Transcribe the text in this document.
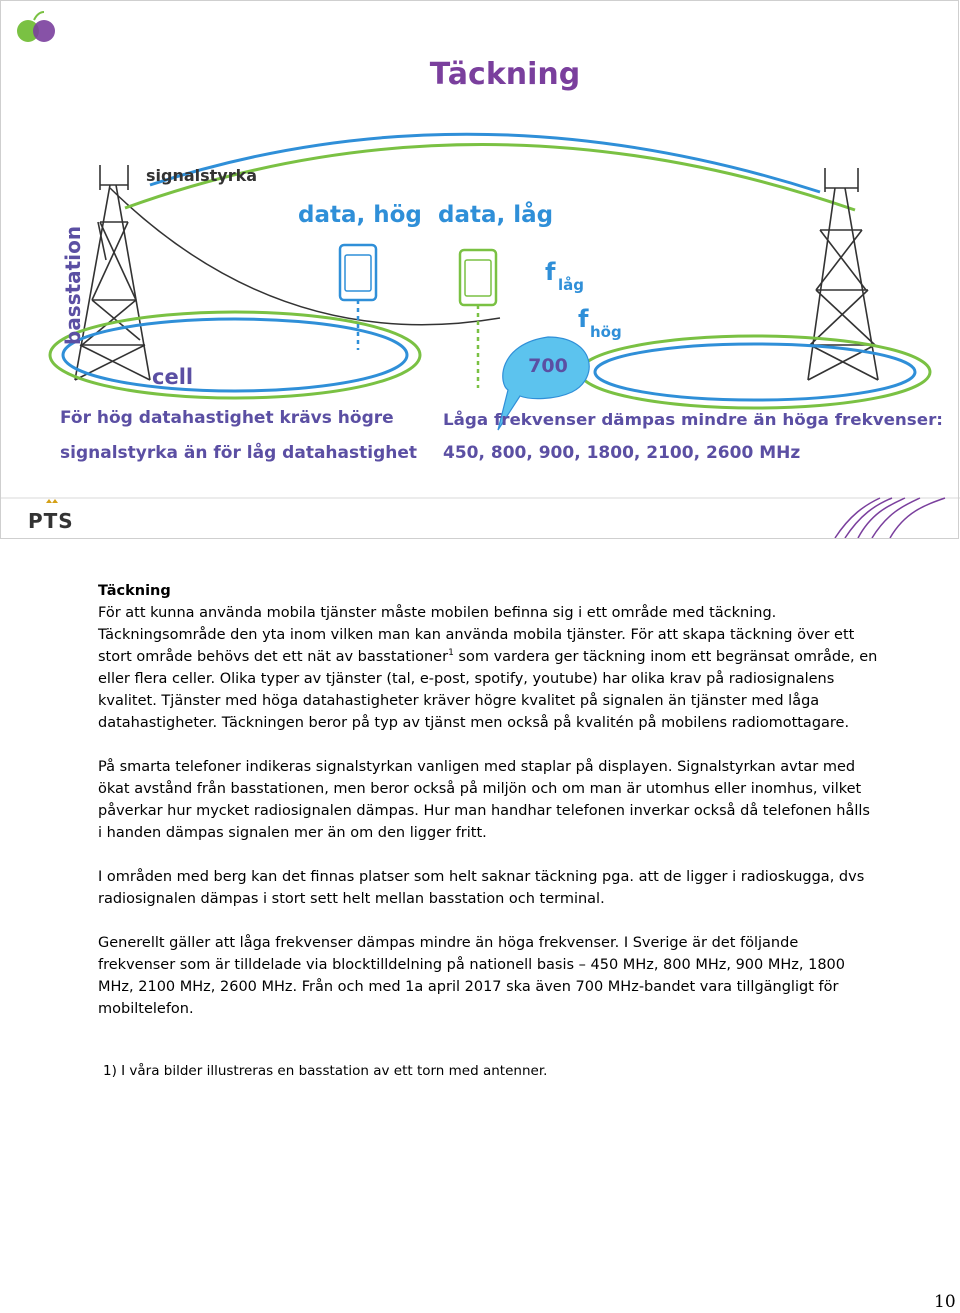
Täckning
signalstyrka
basstation
cell
data, hög data, låg
f låg
f hög
700
För hög datahastighet krävs högre
signalstyrka än för låg datahastighet
Låga frekvenser dämpas mindre än höga frekvenser:
450, 800, 900, 1800, 2100, 2600 MHz
PTS

Täckning

För att kunna använda mobila tjänster måste mobilen befinna sig i ett område med täckning. Täckningsområde den yta inom vilken man kan använda mobila tjänster. För att skapa täckning över ett stort område behövs det ett nät av basstationer$^1$ som vardera ger täckning inom ett begränsat område, en eller flera celler. Olika typer av tjänster (tal, e-post, spotify, youtube) har olika krav på radiosignalens kvalitet. Tjänster med höga datahastigheter kräver högre kvalitet på signalen än tjänster med låga datahastigheter. Täckningen beror på typ av tjänst men också på kvalitén på mobilens radiomottagare.

På smarta telefoner indikeras signalstyrkan vanligen med staplar på displayen. Signalstyrkan avtar med ökat avstånd från basstationen, men beror också på miljön och om man är utomhus eller inomhus, vilket påverkar hur mycket radiosignalen dämpas. Hur man handhar telefonen inverkar också då telefonen hålls i handen dämpas signalen mer än om den ligger fritt.

I områden med berg kan det finnas platser som helt saknar täckning pga. att de ligger i radioskugga, dvs radiosignalen dämpas i stort sett helt mellan basstation och terminal.

Generellt gäller att låga frekvenser dämpas mindre än höga frekvenser. I Sverige är det följande frekvenser som är tilldelade via blocktilldelning på nationell basis – 450 MHz, 800 MHz, 900 MHz, 1800 MHz, 2100 MHz, 2600 MHz. Från och med 1a april 2017 ska även 700 MHz-bandet vara tillgängligt för mobiltelefon.

1) I våra bilder illustreras en basstation av ett torn med antenner.
10
